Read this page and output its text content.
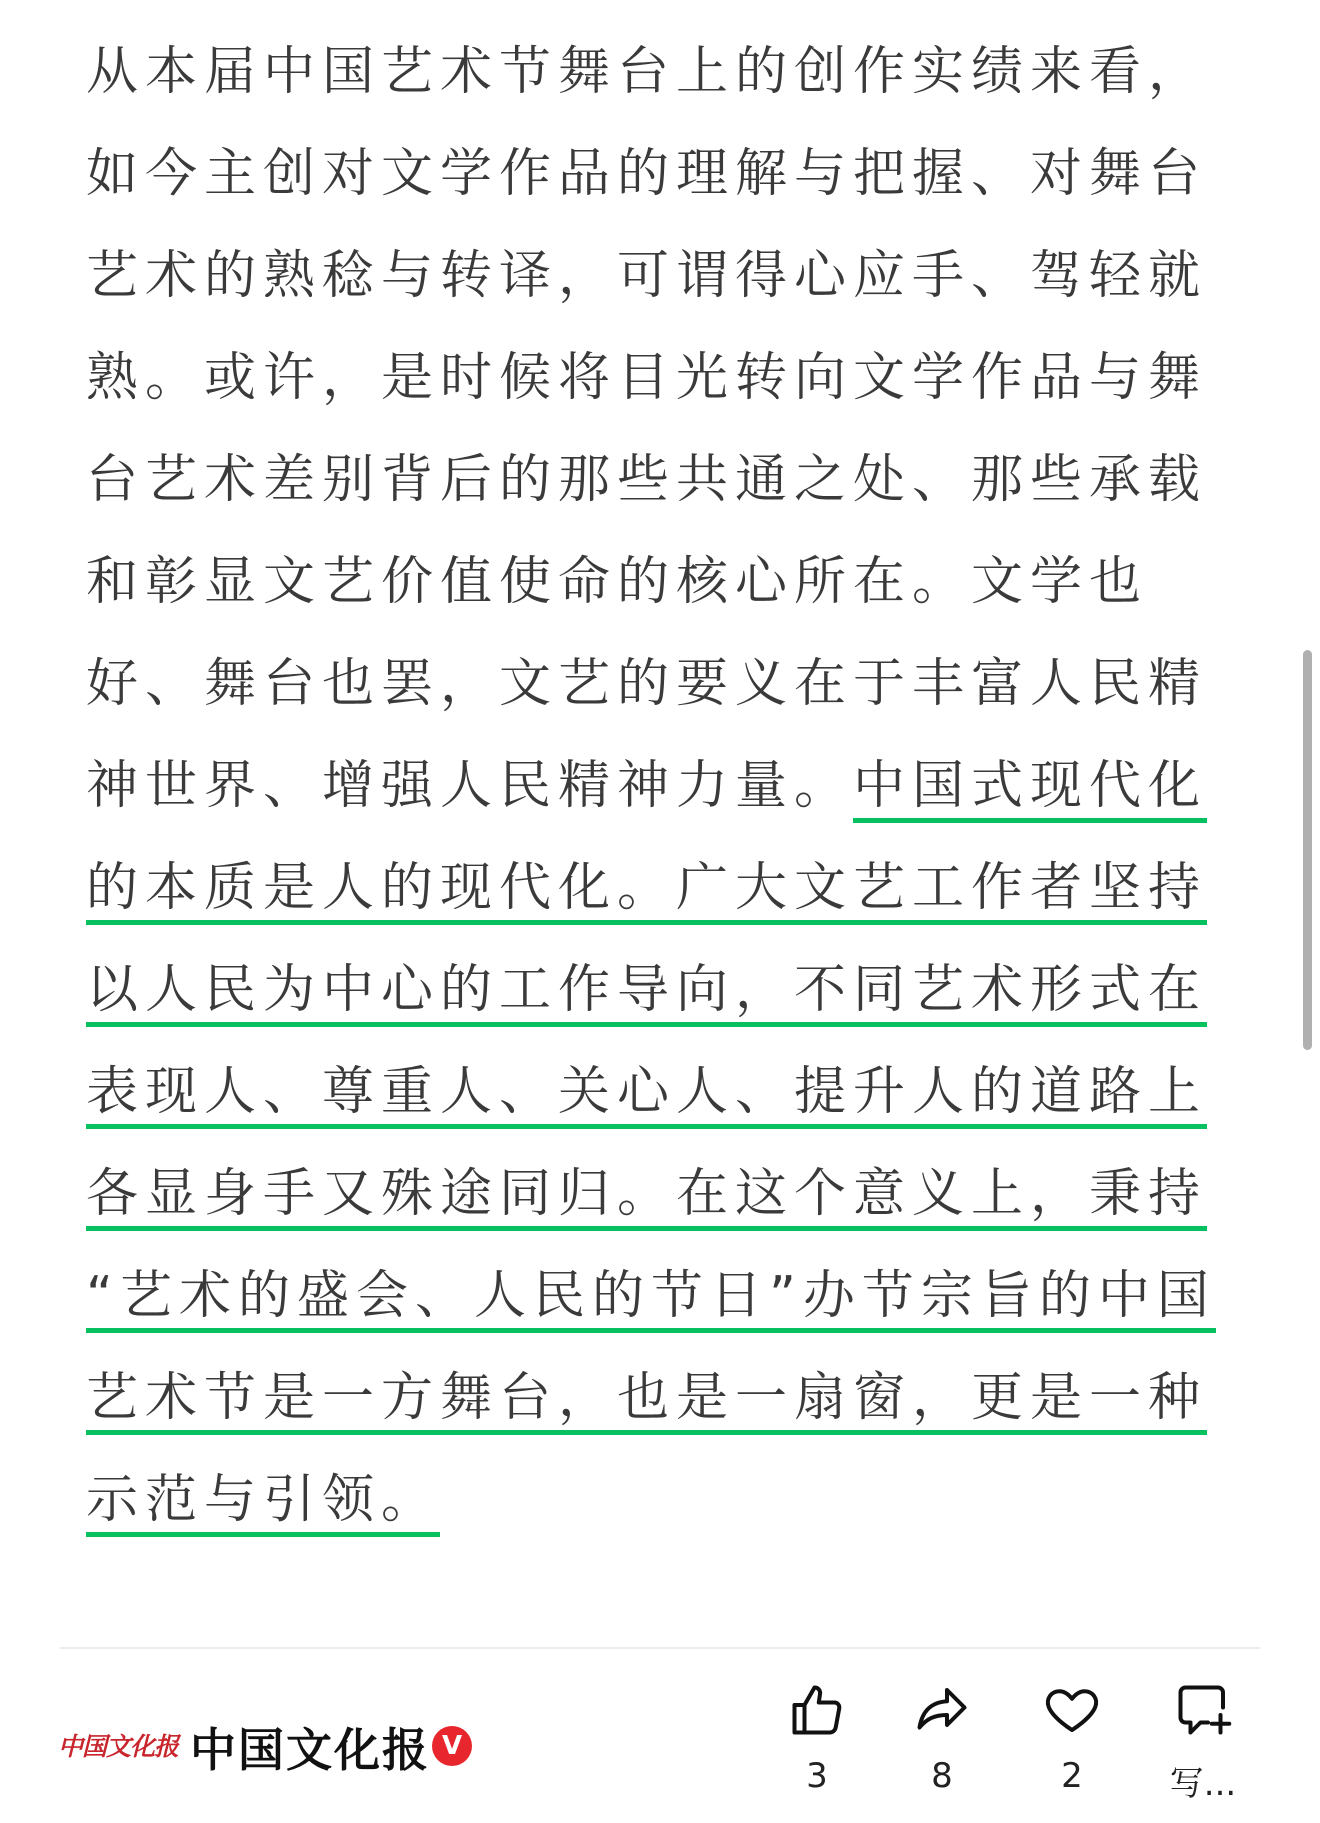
从本届中国艺术节舞台上的创作实绩来看，
如今主创对文学作品的理解与把握、对舞台
艺术的熟稔与转译，可谓得心应手、驾轻就
熟。或许，是时候将目光转向文学作品与舞
台艺术差别背后的那些共通之处、那些承载
和彰显文艺价值使命的核心所在。文学也
好、舞台也罢，文艺的要义在于丰富人民精
神世界、增强人民精神力量。中国式现代化
的本质是人的现代化。广大文艺工作者坚持
以人民为中心的工作导向，不同艺术形式在
表现人、尊重人、关心人、提升人的道路上
各显身手又殊途同归。在这个意义上，秉持
“艺术的盛会、人民的节日”办节宗旨的中国
艺术节是一方舞台，也是一扇窗，更是一种
示范与引领。
中国文化报 中国文化报 V
3	8	2	写...
